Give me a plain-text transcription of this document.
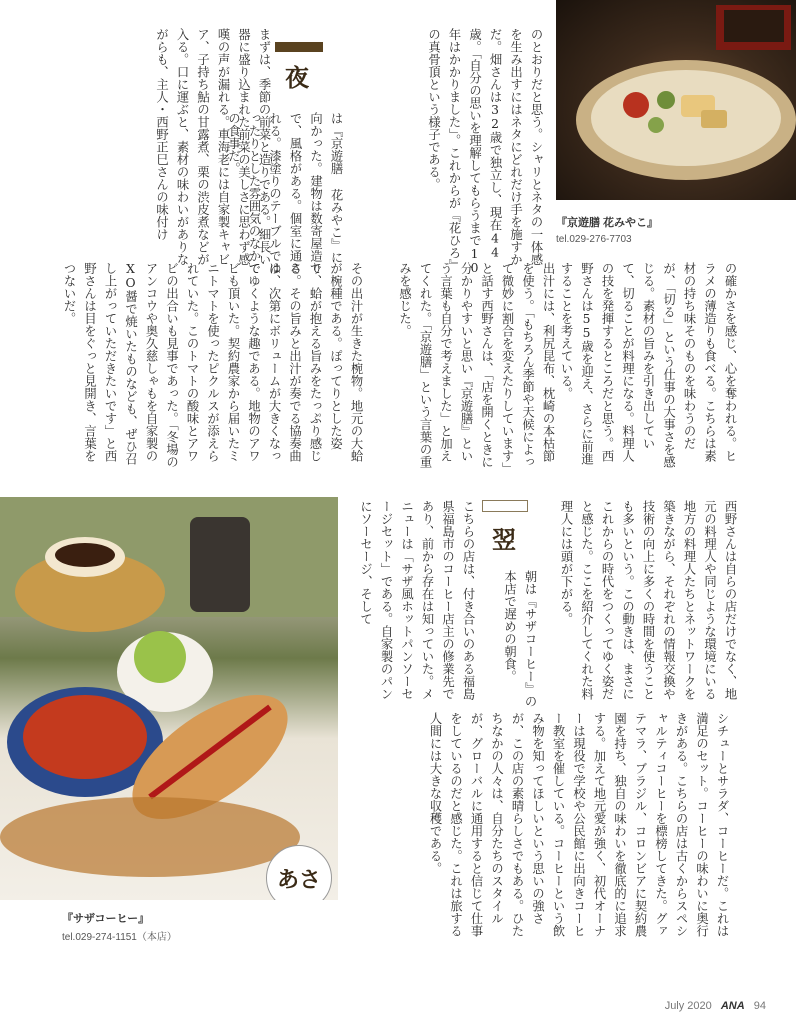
『京遊膳 花みやこ』
tel.029-276-7703

のとおりだと思う。シャリとネタの一体感を生み出すにはネタにどれだけ手を施すかだ。畑さんは32歳で独立し、現在44歳。「自分の思いを理解してもらうまで10年はかかりました」。これからが『花ひろ』の真骨頂という様子である。

夜

は『京遊膳 花みやこ』に向かった。建物は数寄屋造りで、風格がある。個室に通される。漆塗りのテーブルでゆったりとした雰囲気のなかでの食事だ。	まずは、季節の前菜と造りである。細長い器に盛り込まれた前菜の美しさに思わず感嘆の声が漏れる。車海老には自家製キャビア、子持ち鮎の甘露煮、栗の渋皮煮などが入る。口に運ぶと、素材の味わいがありながらも、主人・西野正巳さんの味付け

の確かさを感じ、心を奪われる。ヒラメの薄造りも食べる。こちらは素材の持ち味そのものを味わうのだが、「切る」という仕事の大事さを感じる。素材の旨みを引き出していて、切ることが料理になる。料理人の技を発揮するところだと思う。西野さんは55歳を迎え、さらに前進することを考えている。

出汁には、利尻昆布、枕崎の本枯節を使う。「もちろん季節や天候によって微妙に割合を変えたりしています」と話す西野さんは、「店を開くときに分かりやすいと思い『京遊膳』という言葉も自分で考えました」と加えてくれた。「京遊膳」という言葉の重みを感じた。

その出汁が生きた椀物。地元の大蛤が椀種である。ぽってりとした姿で、蛤が抱える旨みをたっぷり感じる。その旨みと出汁が奏でる協奏曲は、次第にボリュームが大きくなってゆくような趣である。地物のアワビも頂いた。契約農家から届いたミニトマトを使ったピクルスが添えられていた。このトマトの酸味とアワビの出合いも見事であった。「冬場のアンコウや奥久慈しゃもを自家製のXO醤で焼いたものなども、ぜひ召し上がっていただきたいです」と西野さんは目をぐっと見開き、言葉をつないだ。

西野さんは自らの店だけでなく、地元の料理人や同じような環境にいる地方の料理人たちとネットワークを築きながら、それぞれの情報交換や技術の向上に多くの時間を使うことも多いという。この動きは、まさにこれからの時代をつくってゆく姿だと感じた。ここを紹介してくれた料理人には頭が下がる。

翌

朝は『サザコーヒー』の本店で遅めの朝食。

こちらの店は、付き合いのある福島県福島市のコーヒー店主の修業先であり、前から存在は知っていた。メニューは「サザ風ホットパンソーセージセット」である。自家製のパンにソーセージ、そして

シチューとサラダ、コーヒーだ。これは満足のセット。コーヒーの味わいに奥行きがある。こちらの店は古くからスペシャルティコーヒーを標榜してきた。グァテマラ、ブラジル、コロンビアに契約農園を持ち、独自の味わいを徹底的に追求する。加えて地元愛が強く、初代オーナーは現役で学校や公民館に出向きコーヒー教室を催している。コーヒーという飲み物を知ってほしいという思いの強さが、この店の素晴らしさでもある。ひたちなかの人々は、自分たちのスタイルが、グローバルに通用すると信じて仕事をしているのだと感じた。これは旅する人間には大きな収穫である。

あさ
『サザコーヒー』
tel.029-274-1151（本店）
July 2020 ANA 94
